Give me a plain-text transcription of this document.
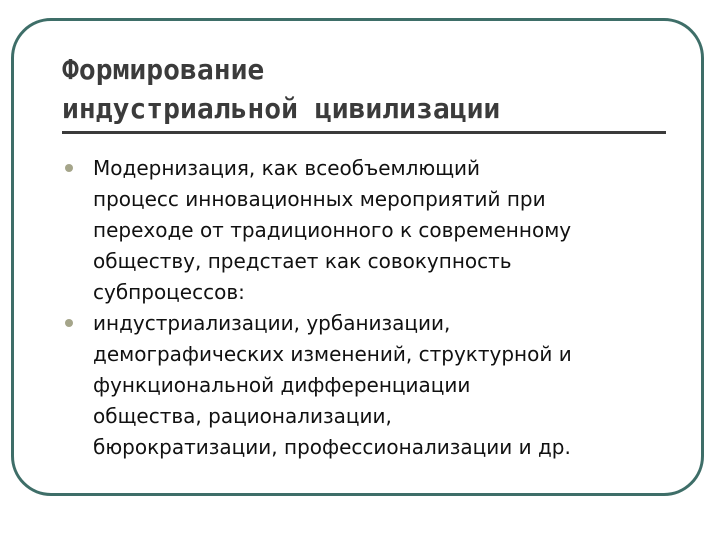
Формирование
индустриальной цивилизации
Модернизация, как всеобъемлющий
процесс инновационных мероприятий при
переходе от традиционного к современному
обществу, предстает как совокупность
субпроцессов:
индустриализации, урбанизации,
демографических изменений, структурной и
функциональной дифференциации
общества, рационализации,
бюрократизации, профессионализации и др.
